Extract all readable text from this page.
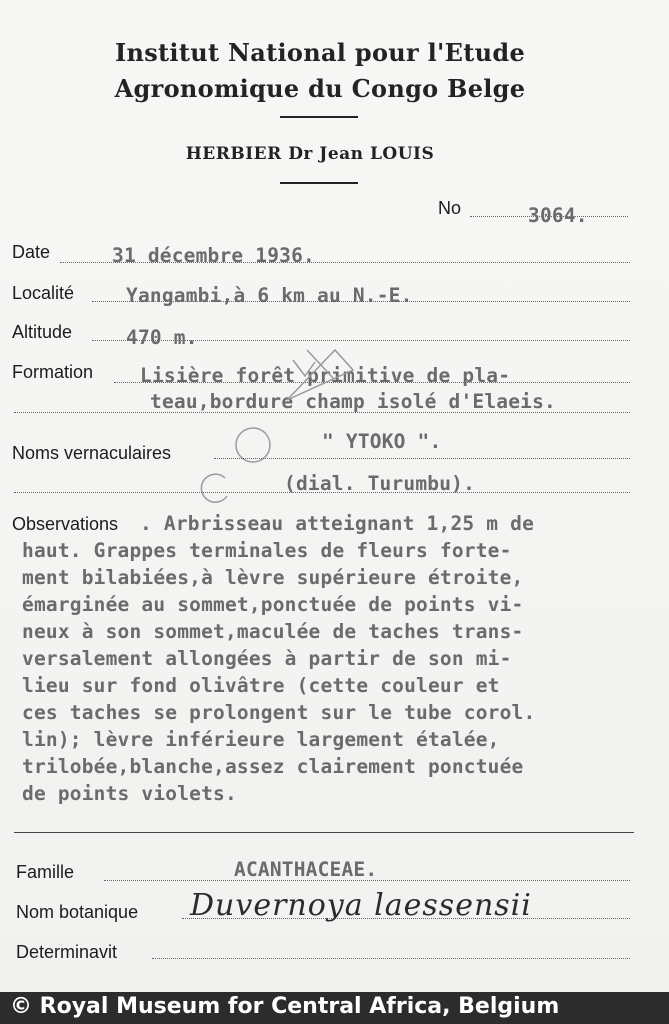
Institut National pour l'Etude
Agronomique du Congo Belge
HERBIER Dr Jean LOUIS
No	3064.
Date	31 décembre 1936.
Localité	Yangambi,à 6 km au N.-E.
Altitude	470 m.
Formation Lisière forêt primitive de pla-
teau,bordure champ isolé d'Elaeis.
Noms vernaculaires	" YTOKO ".
(dial. Turumbu).
Observations . Arbrisseau atteignant 1,25 m de
haut. Grappes terminales de fleurs forte-
ment bilabiées,à lèvre supérieure étroite,
émarginée au sommet,ponctuée de points vi-
neux à son sommet,maculée de taches trans-
versalement allongées à partir de son mi-
lieu sur fond olivâtre (cette couleur et
ces taches se prolongent sur le tube corol.
lin); lèvre inférieure largement étalée,
trilobée,blanche,assez clairement ponctuée
de points violets.
Famille	ACANTHACEAE.
Nom botanique Duvernoya laessensii
Determinavit
© Royal Museum for Central Africa, Belgium
